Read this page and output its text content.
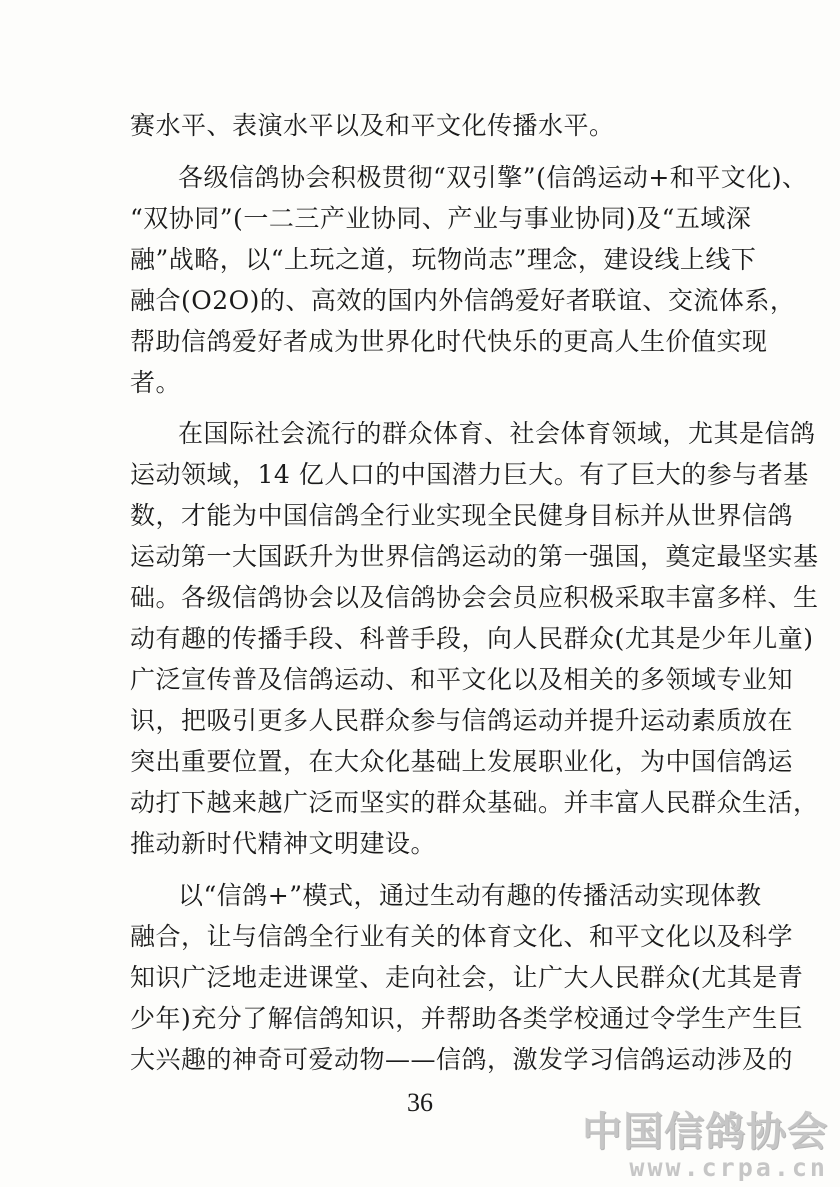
赛水平、表演水平以及和平文化传播水平。
各级信鸽协会积极贯彻“双引擎”(信鸽运动+和平文化)、
“双协同”(一二三产业协同、产业与事业协同)及“五域深
融”战略，以“上玩之道，玩物尚志”理念，建设线上线下
融合(O2O)的、高效的国内外信鸽爱好者联谊、交流体系，
帮助信鸽爱好者成为世界化时代快乐的更高人生价值实现
者。
在国际社会流行的群众体育、社会体育领域，尤其是信鸽
运动领域，14 亿人口的中国潜力巨大。有了巨大的参与者基
数，才能为中国信鸽全行业实现全民健身目标并从世界信鸽
运动第一大国跃升为世界信鸽运动的第一强国，奠定最坚实基
础。各级信鸽协会以及信鸽协会会员应积极采取丰富多样、生
动有趣的传播手段、科普手段，向人民群众(尤其是少年儿童)
广泛宣传普及信鸽运动、和平文化以及相关的多领域专业知
识，把吸引更多人民群众参与信鸽运动并提升运动素质放在
突出重要位置，在大众化基础上发展职业化，为中国信鸽运
动打下越来越广泛而坚实的群众基础。并丰富人民群众生活，
推动新时代精神文明建设。
以“信鸽+”模式，通过生动有趣的传播活动实现体教
融合，让与信鸽全行业有关的体育文化、和平文化以及科学
知识广泛地走进课堂、走向社会，让广大人民群众(尤其是青
少年)充分了解信鸽知识，并帮助各类学校通过令学生产生巨
大兴趣的神奇可爱动物——信鸽，激发学习信鸽运动涉及的
36
中国信鸽协会
www.crpa.cn
